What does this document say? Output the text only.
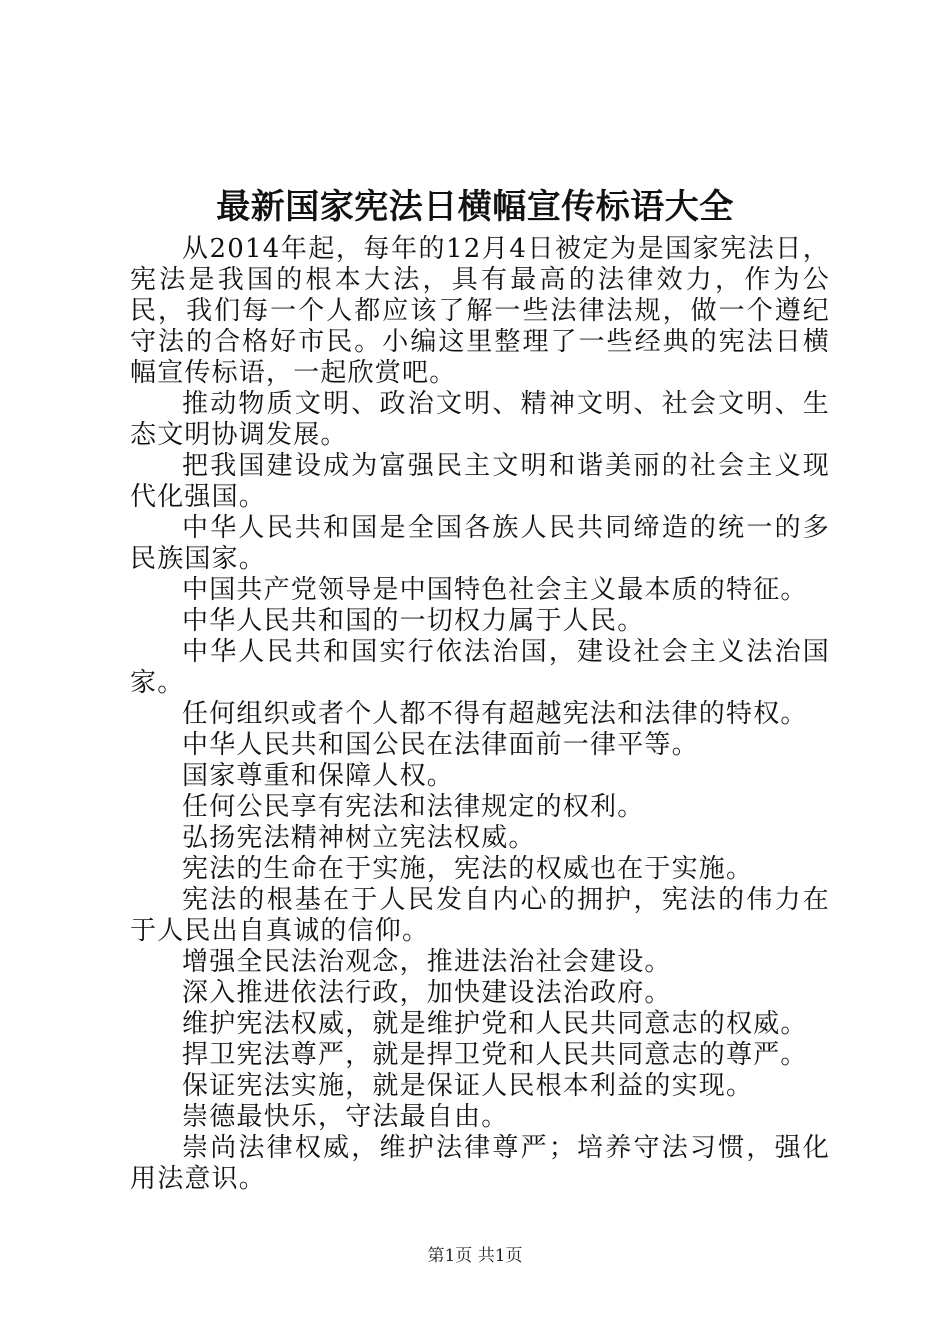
最新国家宪法日横幅宣传标语大全

从2014年起，每年的12月4日被定为是国家宪法日，宪法是我国的根本大法，具有最高的法律效力，作为公民，我们每一个人都应该了解一些法律法规，做一个遵纪守法的合格好市民。小编这里整理了一些经典的宪法日横幅宣传标语，一起欣赏吧。

推动物质文明、政治文明、精神文明、社会文明、生态文明协调发展。

把我国建设成为富强民主文明和谐美丽的社会主义现代化强国。

中华人民共和国是全国各族人民共同缔造的统一的多民族国家。

中国共产党领导是中国特色社会主义最本质的特征。

中华人民共和国的一切权力属于人民。

中华人民共和国实行依法治国，建设社会主义法治国家。

任何组织或者个人都不得有超越宪法和法律的特权。

中华人民共和国公民在法律面前一律平等。

国家尊重和保障人权。

任何公民享有宪法和法律规定的权利。

弘扬宪法精神树立宪法权威。

宪法的生命在于实施，宪法的权威也在于实施。

宪法的根基在于人民发自内心的拥护，宪法的伟力在于人民出自真诚的信仰。

增强全民法治观念，推进法治社会建设。

深入推进依法行政，加快建设法治政府。

维护宪法权威，就是维护党和人民共同意志的权威。

捍卫宪法尊严，就是捍卫党和人民共同意志的尊严。

保证宪法实施，就是保证人民根本利益的实现。

崇德最快乐，守法最自由。

崇尚法律权威，维护法律尊严；培养守法习惯，强化用法意识。

第1页 共1页
